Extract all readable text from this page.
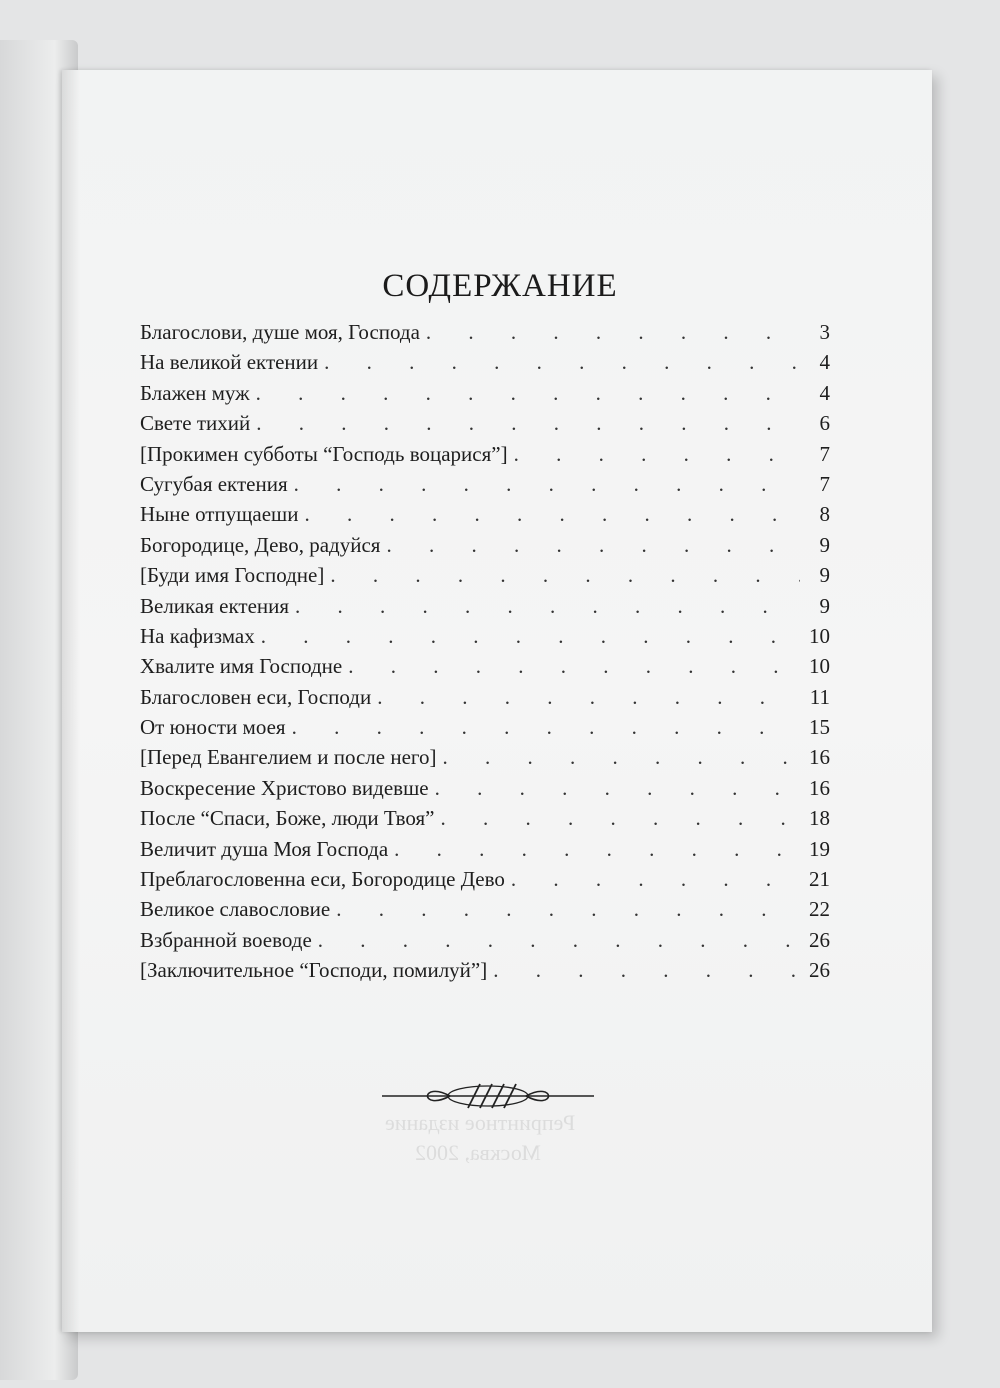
Репринтное издание
Москва, 2002
СОДЕРЖАНИЕ
Благослови, душе моя, Господа . . .	3
На великой ектении . . .	4
Блажен муж . . .	4
Свете тихий . . .	6
[Прокимен субботы “Господь воцарися”] . . .	7
Сугубая ектения . . .	7
Ныне отпущаеши . . .	8
Богородице, Дево, радуйся . . .	9
[Буди имя Господне] . . .	9
Великая ектения . . .	9
На кафизмах . . .	10
Хвалите имя Господне . . .	10
Благословен еси, Господи . . .	11
От юности моея . . .	15
[Перед Евангелием и после него] . . .	16
Воскресение Христово видевше . . .	16
После “Спаси, Боже, люди Твоя” . . .	18
Величит душа Моя Господа . . .	19
Преблагословенна еси, Богородице Дево . . .	21
Великое славословие . . .	22
Взбранной воеводе . . .	26
[Заключительное “Господи, помилуй”] . . .	26
